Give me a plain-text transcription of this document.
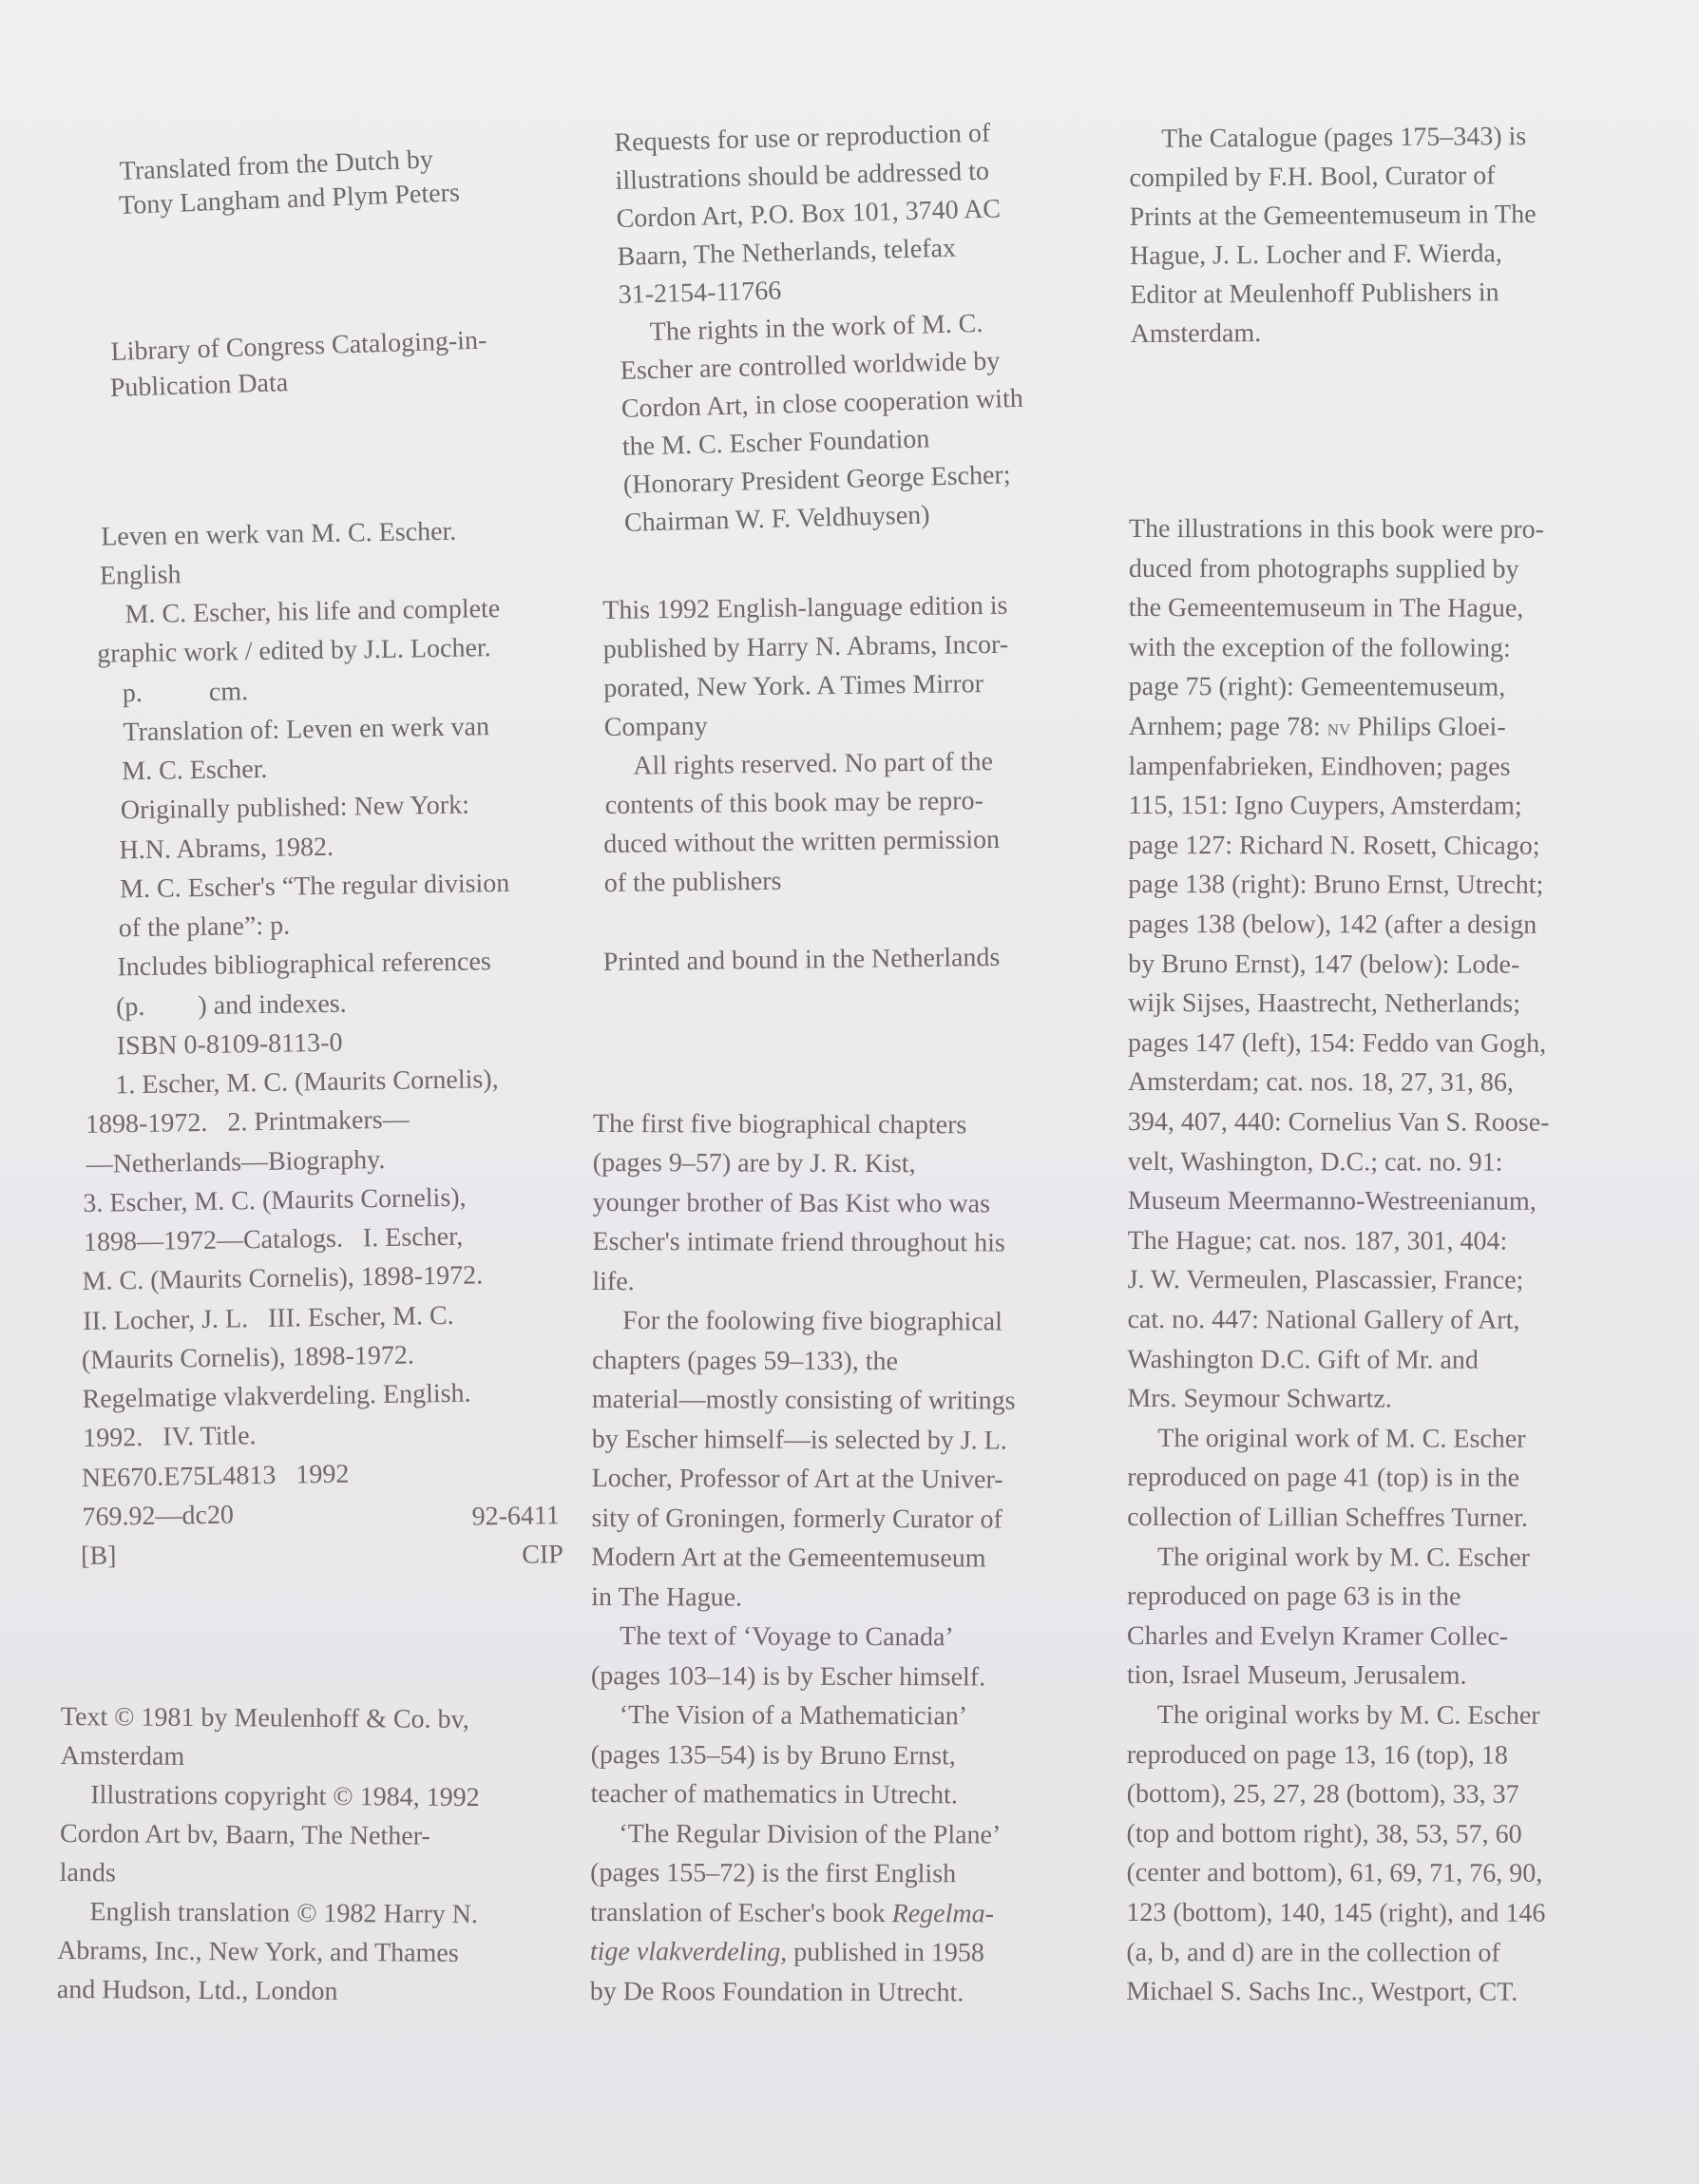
Translated from the Dutch by
Tony Langham and Plym Peters
Library of Congress Cataloging-in-
Publication Data
Leven en werk van M. C. Escher.
English
M. C. Escher, his life and complete
graphic work / edited by J.L. Locher.
p.          cm.
Translation of: Leven en werk van
M. C. Escher.
Originally published: New York:
H.N. Abrams, 1982.
M. C. Escher's “The regular division
of the plane”: p.
Includes bibliographical references
(p.        ) and indexes.
ISBN 0-8109-8113-0
1. Escher, M. C. (Maurits Cornelis),
1898-1972.   2. Printmakers—
—Netherlands—Biography.
3. Escher, M. C. (Maurits Cornelis),
1898—1972—Catalogs.   I. Escher,
M. C. (Maurits Cornelis), 1898-1972.
II. Locher, J. L.   III. Escher, M. C.
(Maurits Cornelis), 1898-1972.
Regelmatige vlakverdeling. English.
1992.   IV. Title.
NE670.E75L4813   1992
769.92—dc20	92-6411
[B]	CIP
Text © 1981 by Meulenhoff & Co. bv,
Amsterdam
Illustrations copyright © 1984, 1992
Cordon Art bv, Baarn, The Nether-
lands
English translation © 1982 Harry N.
Abrams, Inc., New York, and Thames
and Hudson, Ltd., London
Requests for use or reproduction of
illustrations should be addressed to
Cordon Art, P.O. Box 101, 3740 AC
Baarn, The Netherlands, telefax
31-2154-11766
The rights in the work of M. C.
Escher are controlled worldwide by
Cordon Art, in close cooperation with
the M. C. Escher Foundation
(Honorary President George Escher;
Chairman W. F. Veldhuysen)
This 1992 English-language edition is
published by Harry N. Abrams, Incor-
porated, New York. A Times Mirror
Company
All rights reserved. No part of the
contents of this book may be repro-
duced without the written permission
of the publishers
Printed and bound in the Netherlands
The first five biographical chapters
(pages 9–57) are by J. R. Kist,
younger brother of Bas Kist who was
Escher's intimate friend throughout his
life.
For the foolowing five biographical
chapters (pages 59–133), the
material—mostly consisting of writings
by Escher himself—is selected by J. L.
Locher, Professor of Art at the Univer-
sity of Groningen, formerly Curator of
Modern Art at the Gemeentemuseum
in The Hague.
The text of ‘Voyage to Canada’
(pages 103–14) is by Escher himself.
‘The Vision of a Mathematician’
(pages 135–54) is by Bruno Ernst,
teacher of mathematics in Utrecht.
‘The Regular Division of the Plane’
(pages 155–72) is the first English
translation of Escher's book Regelma-
tige vlakverdeling, published in 1958
by De Roos Foundation in Utrecht.
The Catalogue (pages 175–343) is
compiled by F.H. Bool, Curator of
Prints at the Gemeentemuseum in The
Hague, J. L. Locher and F. Wierda,
Editor at Meulenhoff Publishers in
Amsterdam.
The illustrations in this book were pro-
duced from photographs supplied by
the Gemeentemuseum in The Hague,
with the exception of the following:
page 75 (right): Gemeentemuseum,
Arnhem; page 78: nv Philips Gloei-
lampenfabrieken, Eindhoven; pages
115, 151: Igno Cuypers, Amsterdam;
page 127: Richard N. Rosett, Chicago;
page 138 (right): Bruno Ernst, Utrecht;
pages 138 (below), 142 (after a design
by Bruno Ernst), 147 (below): Lode-
wijk Sijses, Haastrecht, Netherlands;
pages 147 (left), 154: Feddo van Gogh,
Amsterdam; cat. nos. 18, 27, 31, 86,
394, 407, 440: Cornelius Van S. Roose-
velt, Washington, D.C.; cat. no. 91:
Museum Meermanno-Westreenianum,
The Hague; cat. nos. 187, 301, 404:
J. W. Vermeulen, Plascassier, France;
cat. no. 447: National Gallery of Art,
Washington D.C. Gift of Mr. and
Mrs. Seymour Schwartz.
The original work of M. C. Escher
reproduced on page 41 (top) is in the
collection of Lillian Scheffres Turner.
The original work by M. C. Escher
reproduced on page 63 is in the
Charles and Evelyn Kramer Collec-
tion, Israel Museum, Jerusalem.
The original works by M. C. Escher
reproduced on page 13, 16 (top), 18
(bottom), 25, 27, 28 (bottom), 33, 37
(top and bottom right), 38, 53, 57, 60
(center and bottom), 61, 69, 71, 76, 90,
123 (bottom), 140, 145 (right), and 146
(a, b, and d) are in the collection of
Michael S. Sachs Inc., Westport, CT.
